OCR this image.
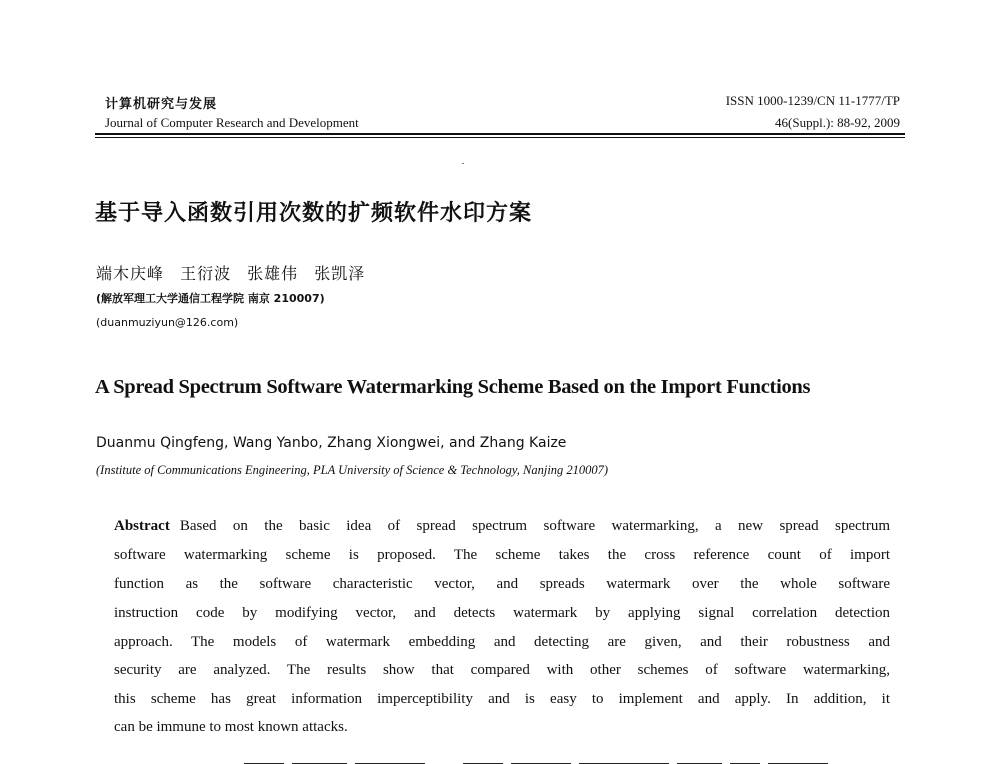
计算机研究与发展
Journal of Computer Research and Development
ISSN 1000-1239/CN 11-1777/TP
46(Suppl.): 88-92, 2009
基于导入函数引用次数的扩频软件水印方案
端木庆峰 王衍波 张雄伟 张凯泽
(解放军理工大学通信工程学院 南京 210007)
(duanmuziyun@126.com)
A Spread Spectrum Software Watermarking Scheme Based on the Import Functions
Duanmu Qingfeng, Wang Yanbo, Zhang Xiongwei, and Zhang Kaize
(Institute of Communications Engineering, PLA University of Science & Technology, Nanjing 210007)
Abstract Based on the basic idea of spread spectrum software watermarking, a new spread spectrum
software watermarking scheme is proposed. The scheme takes the cross reference count of import
function as the software characteristic vector, and spreads watermark over the whole software
instruction code by modifying vector, and detects watermark by applying signal correlation detection
approach. The models of watermark embedding and detecting are given, and their robustness and
security are analyzed. The results show that compared with other schemes of software watermarking,
this scheme has great information imperceptibility and is easy to implement and apply. In addition, it
can be immune to most known attacks.
